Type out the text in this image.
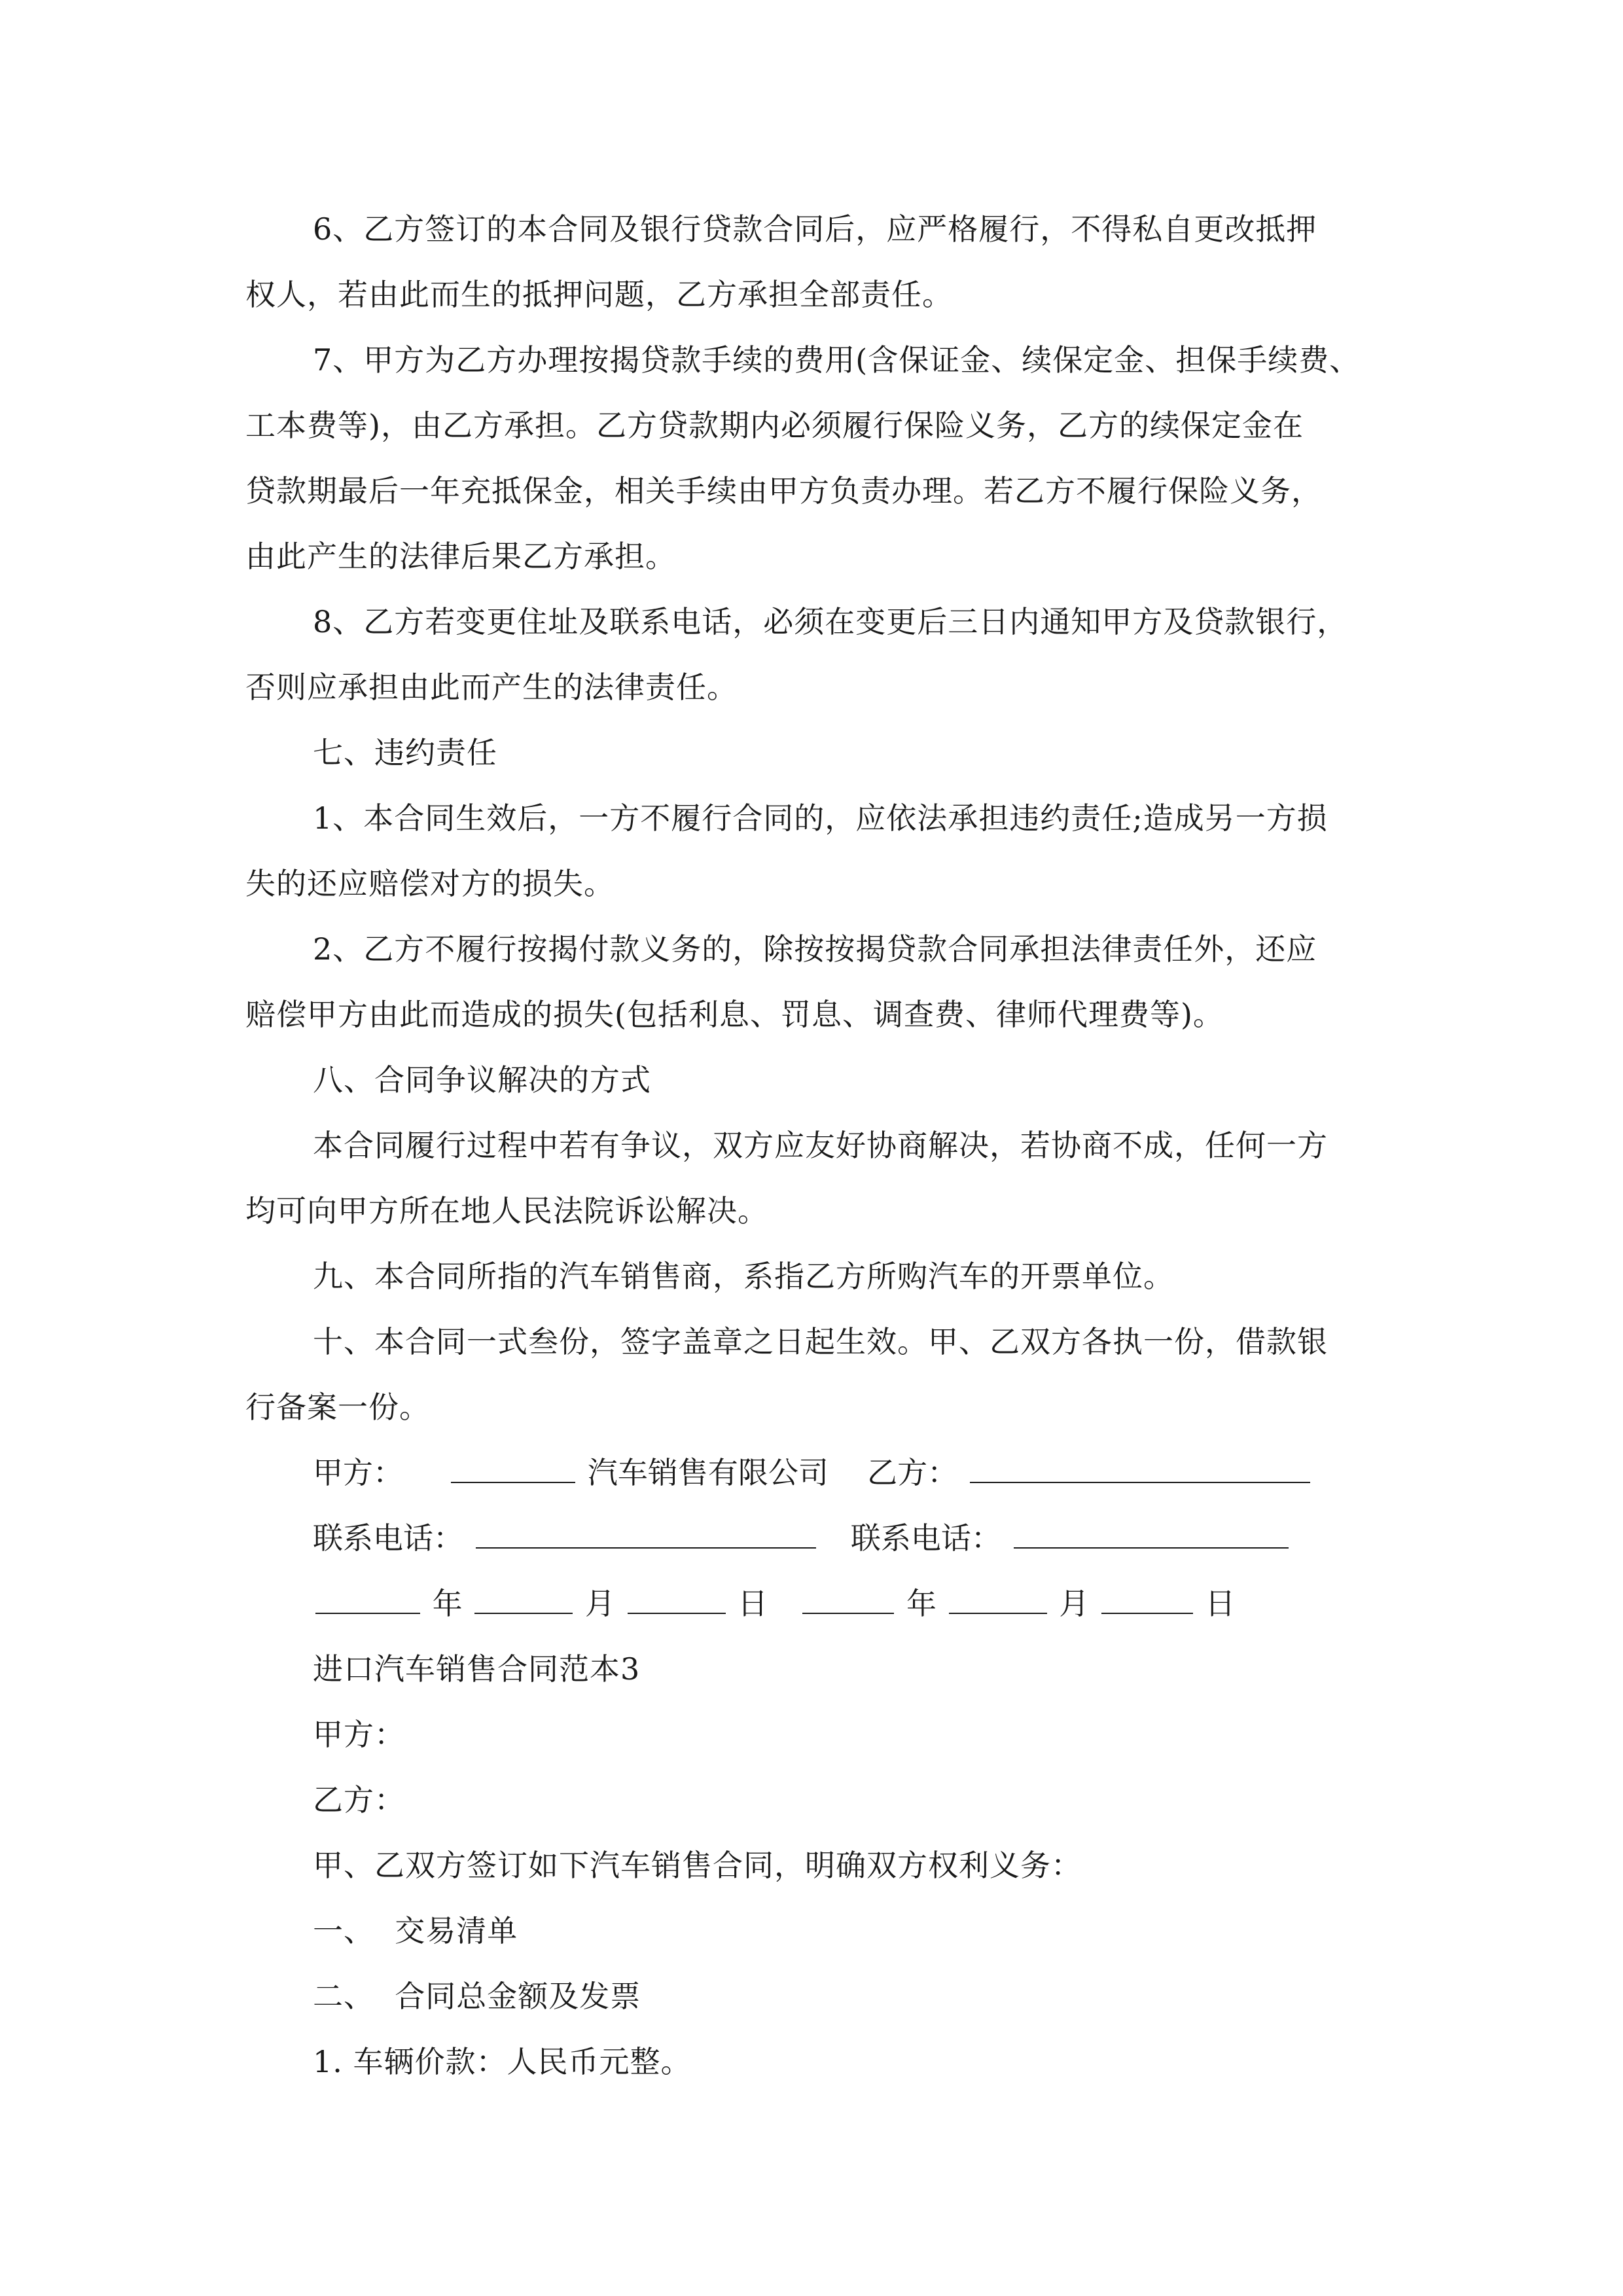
6、乙方签订的本合同及银行贷款合同后，应严格履行，不得私自更改抵押
权人，若由此而生的抵押问题，乙方承担全部责任。
7、甲方为乙方办理按揭贷款手续的费用(含保证金、续保定金、担保手续费、
工本费等)，由乙方承担。乙方贷款期内必须履行保险义务，乙方的续保定金在
贷款期最后一年充抵保金，相关手续由甲方负责办理。若乙方不履行保险义务，
由此产生的法律后果乙方承担。
8、乙方若变更住址及联系电话，必须在变更后三日内通知甲方及贷款银行，
否则应承担由此而产生的法律责任。
七、违约责任
1、本合同生效后，一方不履行合同的，应依法承担违约责任;造成另一方损
失的还应赔偿对方的损失。
2、乙方不履行按揭付款义务的，除按按揭贷款合同承担法律责任外，还应
赔偿甲方由此而造成的损失(包括利息、罚息、调查费、律师代理费等)。
八、合同争议解决的方式
本合同履行过程中若有争议，双方应友好协商解决，若协商不成，任何一方
均可向甲方所在地人民法院诉讼解决。
九、本合同所指的汽车销售商，系指乙方所购汽车的开票单位。
十、本合同一式叁份，签字盖章之日起生效。甲、乙双方各执一份，借款银
行备案一份。
甲方：	汽车销售有限公司 乙方：
联系电话：	联系电话：
年	月	日	年	月	日
进口汽车销售合同范本3
甲方：
乙方：
甲、乙双方签订如下汽车销售合同，明确双方权利义务：
一、  交易清单
二、  合同总金额及发票
1. 车辆价款：人民币元整。
